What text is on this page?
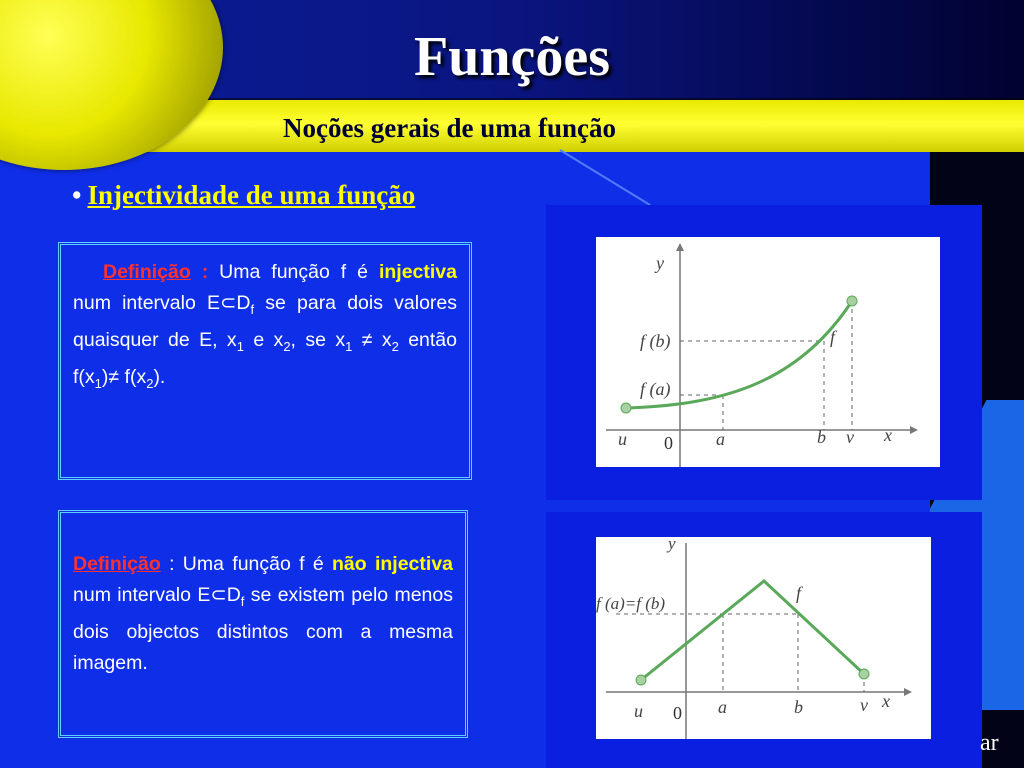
Funções
Noções gerais de uma função
• Injectividade de uma função
Definição : Uma função f é injectiva num intervalo $E\subset D_f$ se para dois valores quaisquer de E, $x_1$ e $x_2$, se $x_1 \ne x_2$ então $f(x_1)\ne f(x_2)$.
Definição : Uma função f é não injectiva num intervalo $E\subset D_f$ se existem pelo menos dois objectos distintos com a mesma imagem.
y
x
f (b)
f (a)
f
u 0 a	b v
y
x
f (a)=f (b)
f
u 0 a	b	v
ar
